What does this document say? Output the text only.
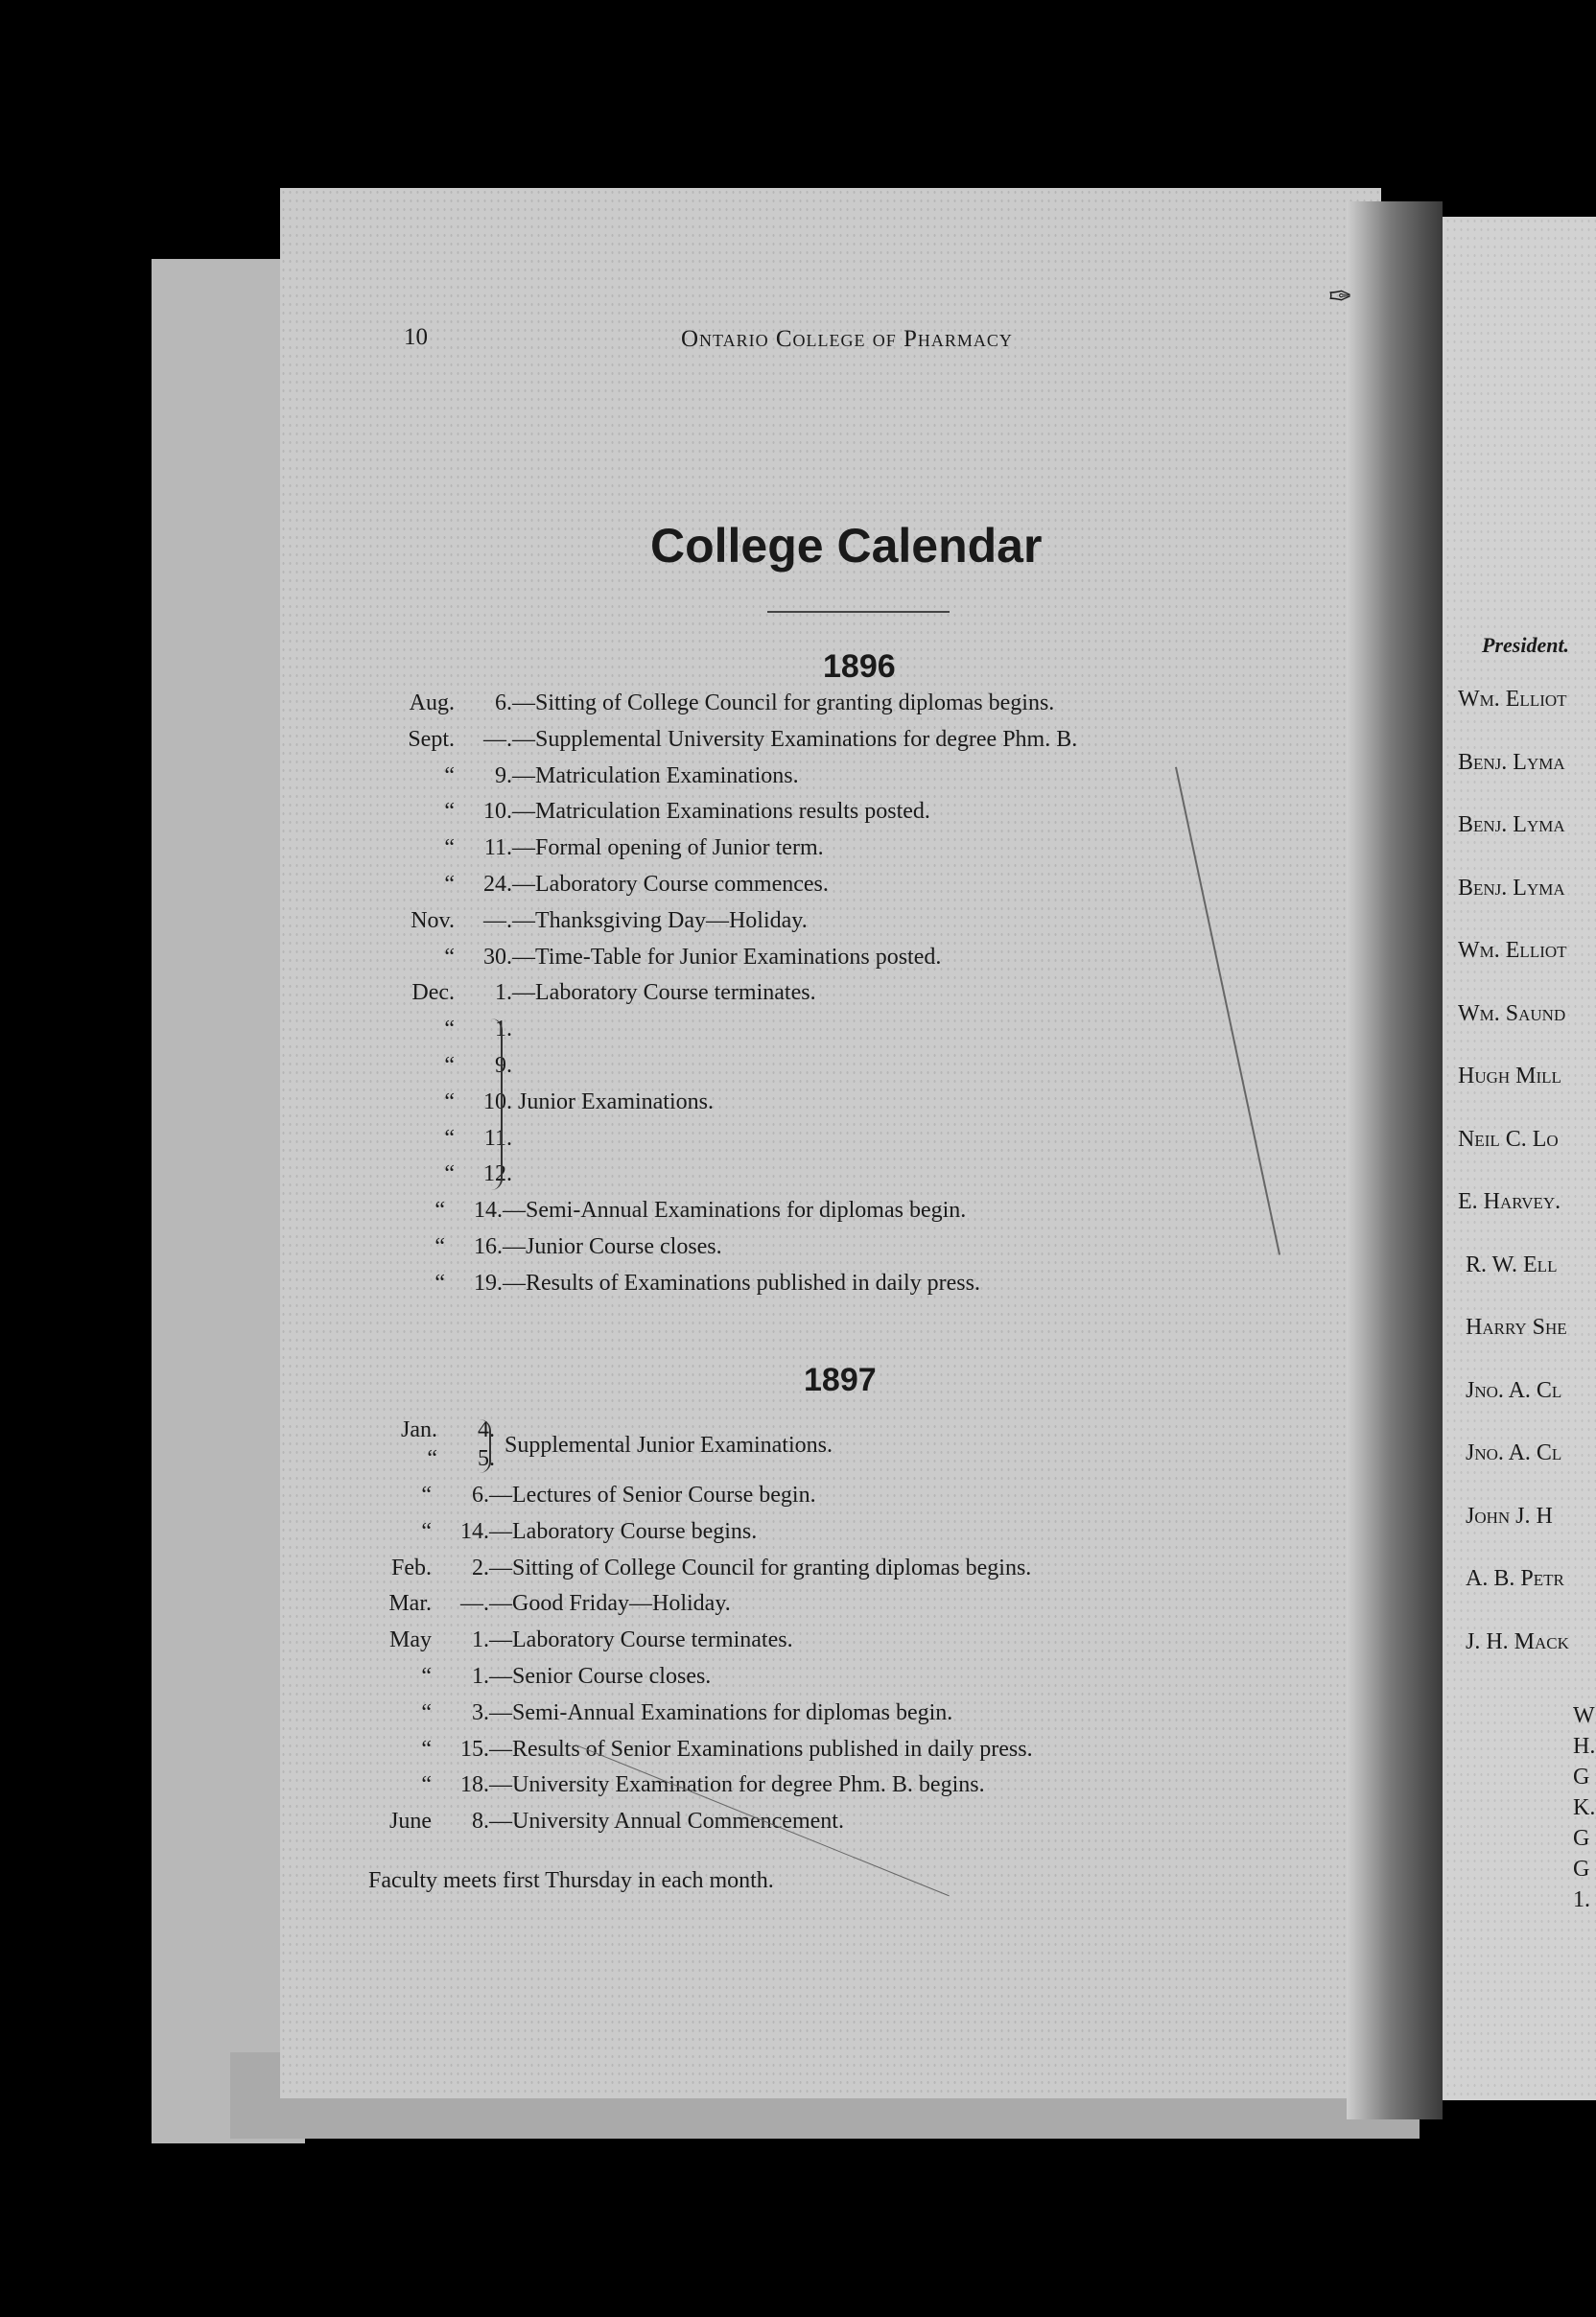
10	Ontario College of Pharmacy
College Calendar
1896
Aug. 6.—Sitting of College Council for granting diplomas begins.
Sept. —.—Supplemental University Examinations for degree Phm. B.
“ 9.—Matriculation Examinations.
“ 10.—Matriculation Examinations results posted.
“ 11.—Formal opening of Junior term.
“ 24.—Laboratory Course commences.
Nov. —.—Thanksgiving Day—Holiday.
“ 30.—Time-Table for Junior Examinations posted.
Dec. 1.—Laboratory Course terminates.
“ 1.
“ 9.
“ 10.
“ 11.
“ 12.
Junior Examinations.
“ 14.—Semi-Annual Examinations for diplomas begin.
“ 16.—Junior Course closes.
“ 19.—Results of Examinations published in daily press.
1897
Jan. 4.
“ 5.
Supplemental Junior Examinations.
“ 6.—Lectures of Senior Course begin.
“ 14.—Laboratory Course begins.
Feb. 2.—Sitting of College Council for granting diplomas begins.
Mar. —.—Good Friday—Holiday.
May 1.—Laboratory Course terminates.
“ 1.—Senior Course closes.
“ 3.—Semi-Annual Examinations for diplomas begin.
“ 15.—Results of Senior Examinations published in daily press.
“ 18.—University Examination for degree Phm. B. begins.
June 8.—University Annual Commencement.
Faculty meets first Thursday in each month.
President.
Wm. Elliot
Benj. Lyma
Benj. Lyma
Benj. Lyma
Wm. Elliot
Wm. Saund
Hugh Mill
Neil C. Lo
E. Harvey.
R. W. Ell
Harry She
Jno. A. Cl
Jno. A. Cl
John J. H
A. B. Petr
J. H. Mack
W
H.
G
K.
G
G
1.
✑
